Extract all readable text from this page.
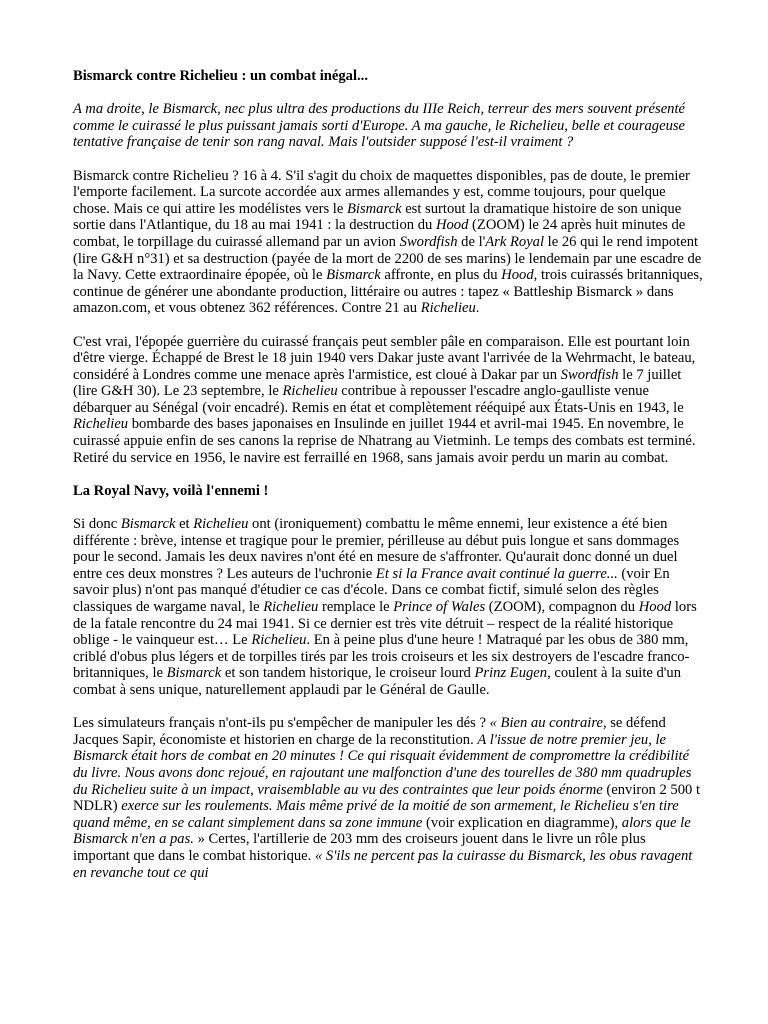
Bismarck contre Richelieu : un combat inégal...

A ma droite, le Bismarck, nec plus ultra des productions du IIIe Reich, terreur des mers souvent présenté comme le cuirassé le plus puissant jamais sorti d'Europe. A ma gauche, le Richelieu, belle et courageuse tentative française de tenir son rang naval. Mais l'outsider supposé l'est-il vraiment ?

Bismarck contre Richelieu ? 16 à 4. S'il s'agit du choix de maquettes disponibles, pas de doute, le premier l'emporte facilement. La surcote accordée aux armes allemandes y est, comme toujours, pour quelque chose. Mais ce qui attire les modélistes vers le Bismarck est surtout la dramatique histoire de son unique sortie dans l'Atlantique, du 18 au mai 1941 : la destruction du Hood (ZOOM) le 24 après huit minutes de combat, le torpillage du cuirassé allemand par un avion Swordfish de l'Ark Royal le 26 qui le rend impotent (lire G&H n°31) et sa destruction (payée de la mort de 2200 de ses marins) le lendemain par une escadre de la Navy. Cette extraordinaire épopée, où le Bismarck affronte, en plus du Hood, trois cuirassés britanniques, continue de générer une abondante production, littéraire ou autres : tapez « Battleship Bismarck » dans amazon.com, et vous obtenez 362 références. Contre 21 au Richelieu.

C'est vrai, l'épopée guerrière du cuirassé français peut sembler pâle en comparaison. Elle est pourtant loin d'être vierge. Échappé de Brest le 18 juin 1940 vers Dakar juste avant l'arrivée de la Wehrmacht, le bateau, considéré à Londres comme une menace après l'armistice, est cloué à Dakar par un Swordfish le 7 juillet (lire G&H 30). Le 23 septembre, le Richelieu contribue à repousser l'escadre anglo-gaulliste venue débarquer au Sénégal (voir encadré). Remis en état et complètement rééquipé aux États-Unis en 1943, le Richelieu bombarde des bases japonaises en Insulinde en juillet 1944 et avril-mai 1945. En novembre, le cuirassé appuie enfin de ses canons la reprise de Nhatrang au Vietminh. Le temps des combats est terminé. Retiré du service en 1956, le navire est ferraillé en 1968, sans jamais avoir perdu un marin au combat.

La Royal Navy, voilà l'ennemi !

Si donc Bismarck et Richelieu ont (ironiquement) combattu le même ennemi, leur existence a été bien différente : brève, intense et tragique pour le premier, périlleuse au début puis longue et sans dommages pour le second. Jamais les deux navires n'ont été en mesure de s'affronter. Qu'aurait donc donné un duel entre ces deux monstres ? Les auteurs de l'uchronie Et si la France avait continué la guerre... (voir En savoir plus) n'ont pas manqué d'étudier ce cas d'école. Dans ce combat fictif, simulé selon des règles classiques de wargame naval, le Richelieu remplace le Prince of Wales (ZOOM), compagnon du Hood lors de la fatale rencontre du 24 mai 1941. Si ce dernier est très vite détruit – respect de la réalité historique oblige - le vainqueur est… Le Richelieu. En à peine plus d'une heure ! Matraqué par les obus de 380 mm, criblé d'obus plus légers et de torpilles tirés par les trois croiseurs et les six destroyers de l'escadre franco-britanniques, le Bismarck et son tandem historique, le croiseur lourd Prinz Eugen, coulent à la suite d'un combat à sens unique, naturellement applaudi par le Général de Gaulle.

Les simulateurs français n'ont-ils pu s'empêcher de manipuler les dés ? « Bien au contraire, se défend Jacques Sapir, économiste et historien en charge de la reconstitution. A l'issue de notre premier jeu, le Bismarck était hors de combat en 20 minutes ! Ce qui risquait évidemment de compromettre la crédibilité du livre. Nous avons donc rejoué, en rajoutant une malfonction d'une des tourelles de 380 mm quadruples du Richelieu suite à un impact, vraisemblable au vu des contraintes que leur poids énorme (environ 2 500 t NDLR) exerce sur les roulements. Mais même privé de la moitié de son armement, le Richelieu s'en tire quand même, en se calant simplement dans sa zone immune (voir explication en diagramme), alors que le Bismarck n'en a pas. » Certes, l'artillerie de 203 mm des croiseurs jouent dans le livre un rôle plus important que dans le combat historique. « S'ils ne percent pas la cuirasse du Bismarck, les obus ravagent en revanche tout ce qui
